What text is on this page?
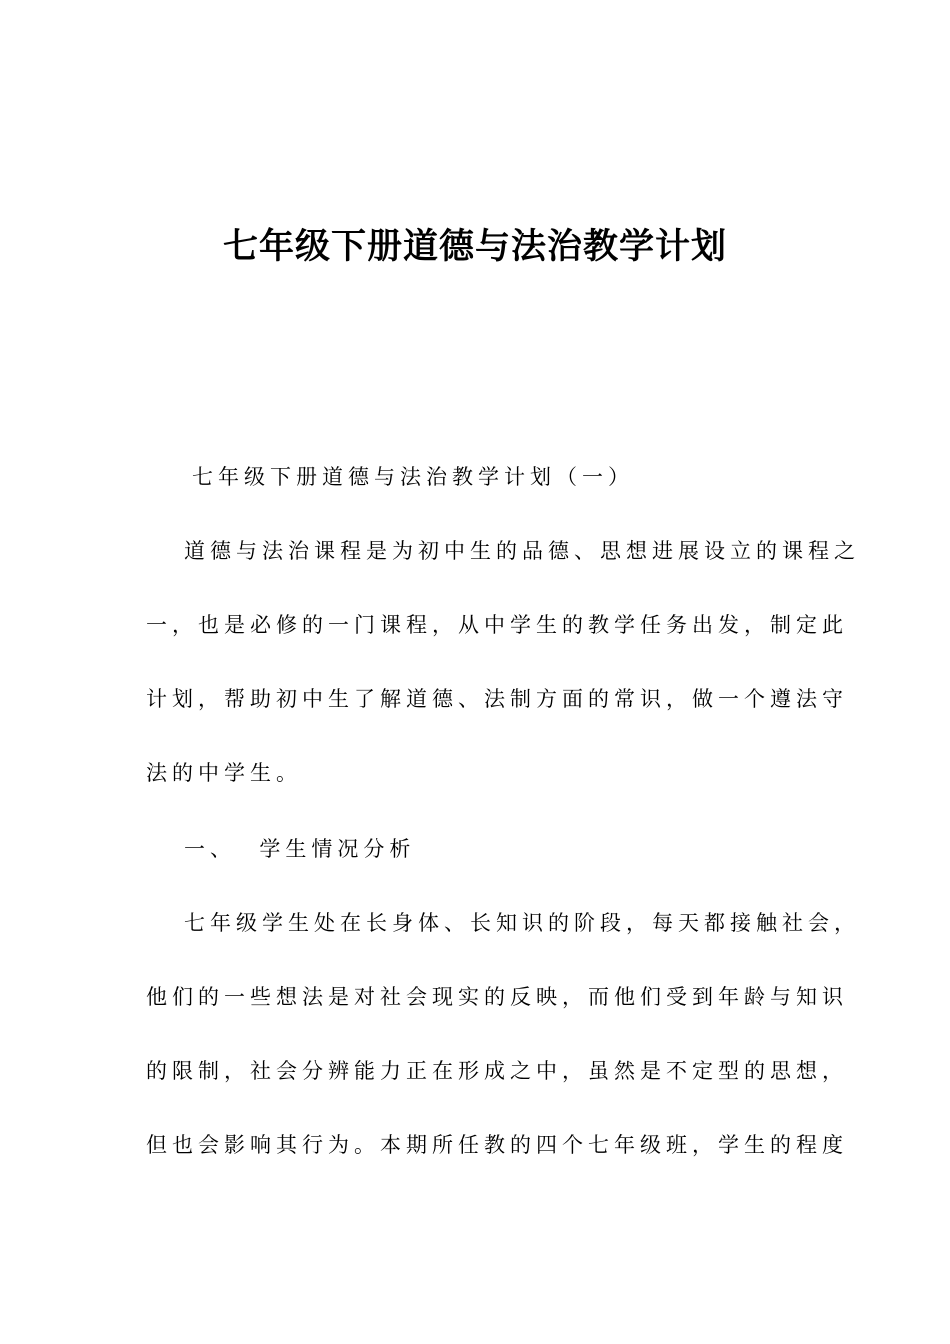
七年级下册道德与法治教学计划

七年级下册道德与法治教学计划（一）

道德与法治课程是为初中生的品德、思想进展设立的课程之
一，也是必修的一门课程，从中学生的教学任务出发，制定此
计划，帮助初中生了解道德、法制方面的常识，做一个遵法守
法的中学生。

一、  学生情况分析

七年级学生处在长身体、长知识的阶段，每天都接触社会，
他们的一些想法是对社会现实的反映，而他们受到年龄与知识
的限制，社会分辨能力正在形成之中，虽然是不定型的思想，
但也会影响其行为。本期所任教的四个七年级班，学生的程度
